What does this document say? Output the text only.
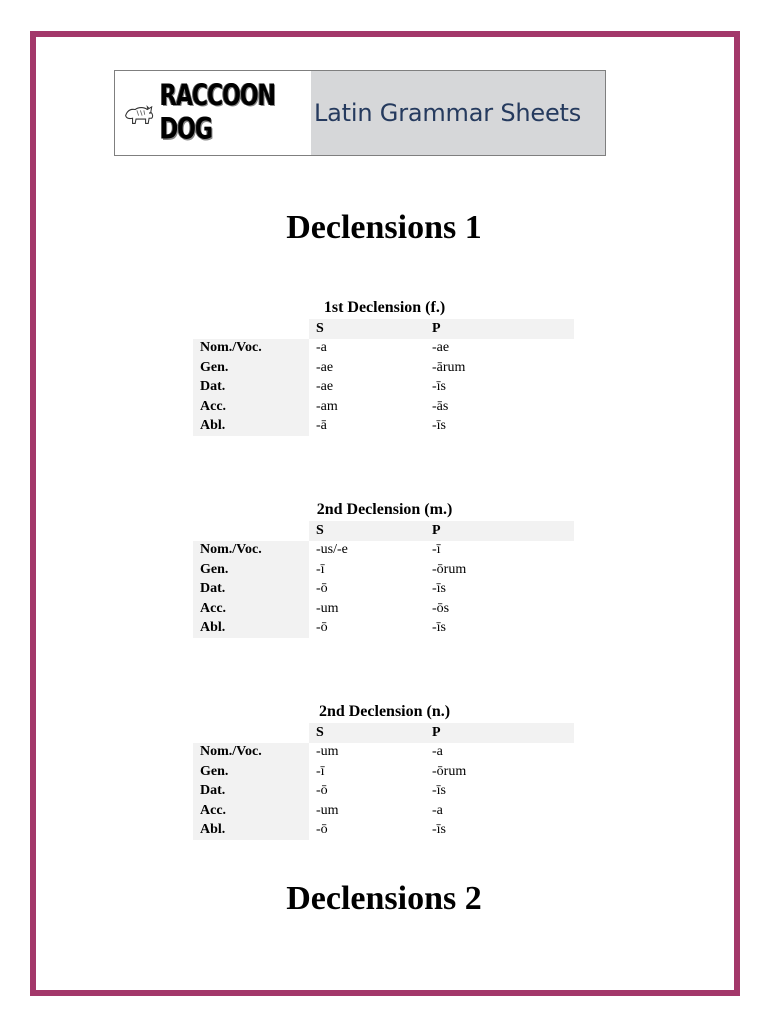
RACCOON DOG	Latin Grammar Sheets
Declensions 1
1st Declension (f.)
	S	P
Nom./Voc.	-a	-ae
Gen.	-ae	-ārum
Dat.	-ae	-īs
Acc.	-am	-ās
Abl.	-ā	-īs
2nd Declension (m.)
	S	P
Nom./Voc.	-us/-e	-ī
Gen.	-ī	-ōrum
Dat.	-ō	-īs
Acc.	-um	-ōs
Abl.	-ō	-īs
2nd Declension (n.)
	S	P
Nom./Voc.	-um	-a
Gen.	-ī	-ōrum
Dat.	-ō	-īs
Acc.	-um	-a
Abl.	-ō	-īs
Declensions 2
